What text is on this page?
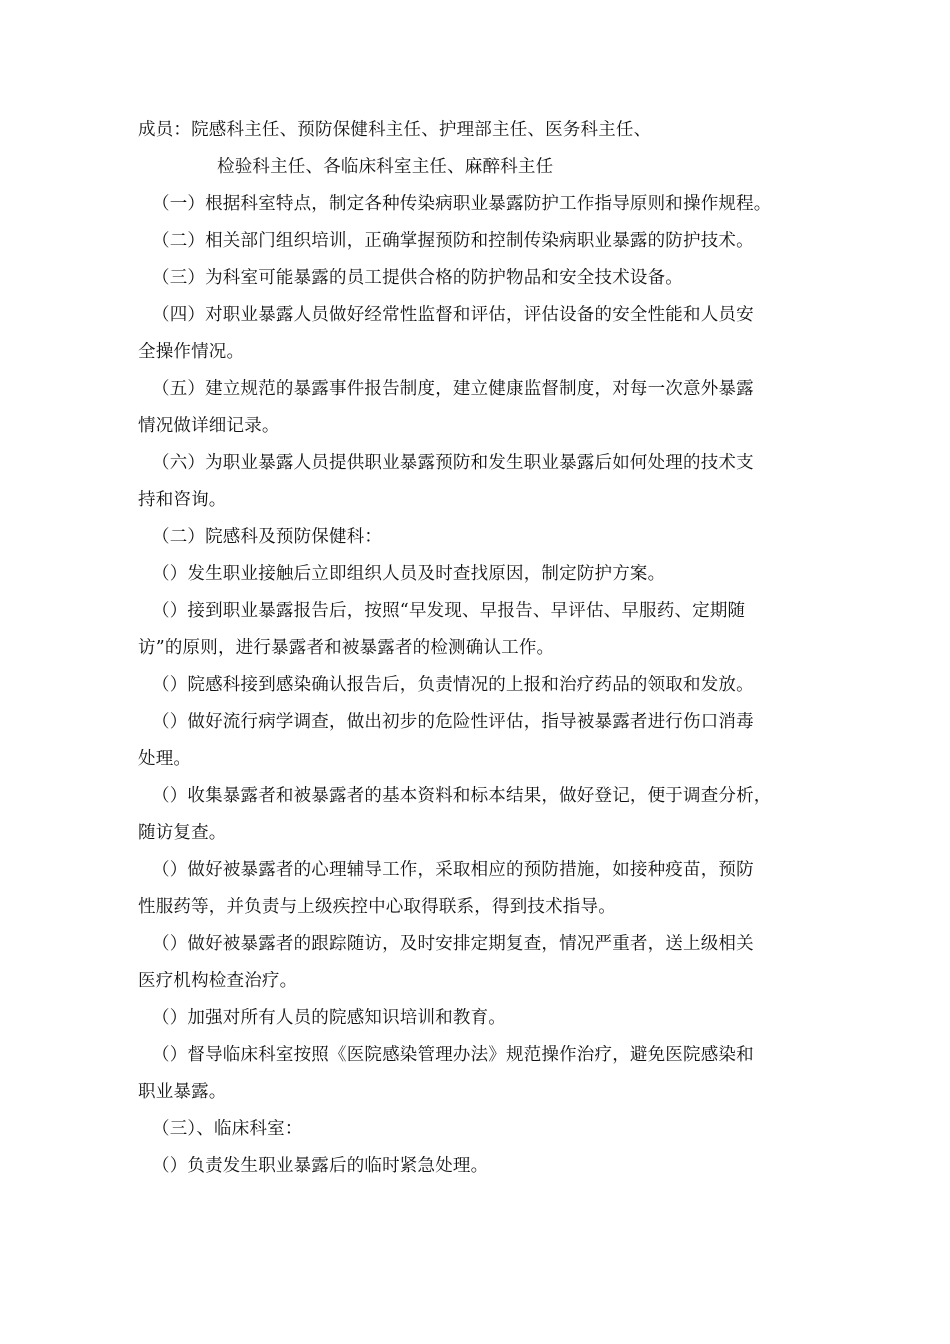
成员：院感科主任、预防保健科主任、护理部主任、医务科主任、
检验科主任、各临床科室主任、麻醉科主任
（一）根据科室特点，制定各种传染病职业暴露防护工作指导原则和操作规程。
（二）相关部门组织培训，正确掌握预防和控制传染病职业暴露的防护技术。
（三）为科室可能暴露的员工提供合格的防护物品和安全技术设备。
（四）对职业暴露人员做好经常性监督和评估，评估设备的安全性能和人员安
全操作情况。
（五）建立规范的暴露事件报告制度，建立健康监督制度，对每一次意外暴露
情况做详细记录。
（六）为职业暴露人员提供职业暴露预防和发生职业暴露后如何处理的技术支
持和咨询。
（二）院感科及预防保健科：
（）发生职业接触后立即组织人员及时查找原因，制定防护方案。
（）接到职业暴露报告后，按照“早发现、早报告、早评估、早服药、定期随
访”的原则，进行暴露者和被暴露者的检测确认工作。
（）院感科接到感染确认报告后，负责情况的上报和治疗药品的领取和发放。
（）做好流行病学调查，做出初步的危险性评估，指导被暴露者进行伤口消毒
处理。
（）收集暴露者和被暴露者的基本资料和标本结果，做好登记，便于调查分析，
随访复查。
（）做好被暴露者的心理辅导工作，采取相应的预防措施，如接种疫苗，预防
性服药等，并负责与上级疾控中心取得联系，得到技术指导。
（）做好被暴露者的跟踪随访，及时安排定期复查，情况严重者，送上级相关
医疗机构检查治疗。
（）加强对所有人员的院感知识培训和教育。
（）督导临床科室按照《医院感染管理办法》规范操作治疗，避免医院感染和
职业暴露。
（三）、临床科室：
（）负责发生职业暴露后的临时紧急处理。
